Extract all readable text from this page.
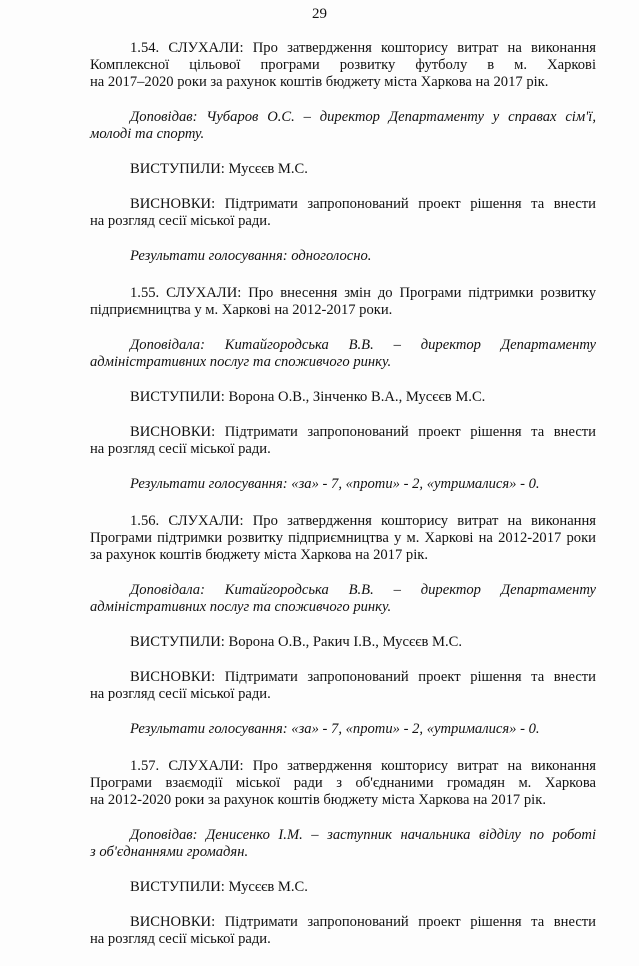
29

1.54. СЛУХАЛИ: Про затвердження кошторису витрат на виконання
Комплексної цільової програми розвитку футболу в м. Харкові
на 2017–2020 роки за рахунок коштів бюджету міста Харкова на 2017 рік.

Доповідав: Чубаров О.С. – директор Департаменту у справах сім'ї,
молоді та спорту.

ВИСТУПИЛИ: Мусєєв М.С.

ВИСНОВКИ: Підтримати запропонований проект рішення та внести
на розгляд сесії міської ради.

Результати голосування: одноголосно.

1.55. СЛУХАЛИ: Про внесення змін до Програми підтримки розвитку
підприємництва у м. Харкові на 2012-2017 роки.

Доповідала: Китайгородська В.В. – директор Департаменту
адміністративних послуг та споживчого ринку.

ВИСТУПИЛИ: Ворона О.В., Зінченко В.А., Мусєєв М.С.

ВИСНОВКИ: Підтримати запропонований проект рішення та внести
на розгляд сесії міської ради.

Результати голосування: «за» - 7, «проти» - 2, «утрималися» - 0.

1.56. СЛУХАЛИ: Про затвердження кошторису витрат на виконання
Програми підтримки розвитку підприємництва у м. Харкові на 2012-2017 роки
за рахунок коштів бюджету міста Харкова на 2017 рік.

Доповідала: Китайгородська В.В. – директор Департаменту
адміністративних послуг та споживчого ринку.

ВИСТУПИЛИ: Ворона О.В., Ракич І.В., Мусєєв М.С.

ВИСНОВКИ: Підтримати запропонований проект рішення та внести
на розгляд сесії міської ради.

Результати голосування: «за» - 7, «проти» - 2, «утрималися» - 0.

1.57. СЛУХАЛИ: Про затвердження кошторису витрат на виконання
Програми взаємодії міської ради з об'єднаними громадян м. Харкова
на 2012-2020 роки за рахунок коштів бюджету міста Харкова на 2017 рік.

Доповідав: Денисенко І.М. – заступник начальника відділу по роботі
з об'єднаннями громадян.

ВИСТУПИЛИ: Мусєєв М.С.

ВИСНОВКИ: Підтримати запропонований проект рішення та внести
на розгляд сесії міської ради.
